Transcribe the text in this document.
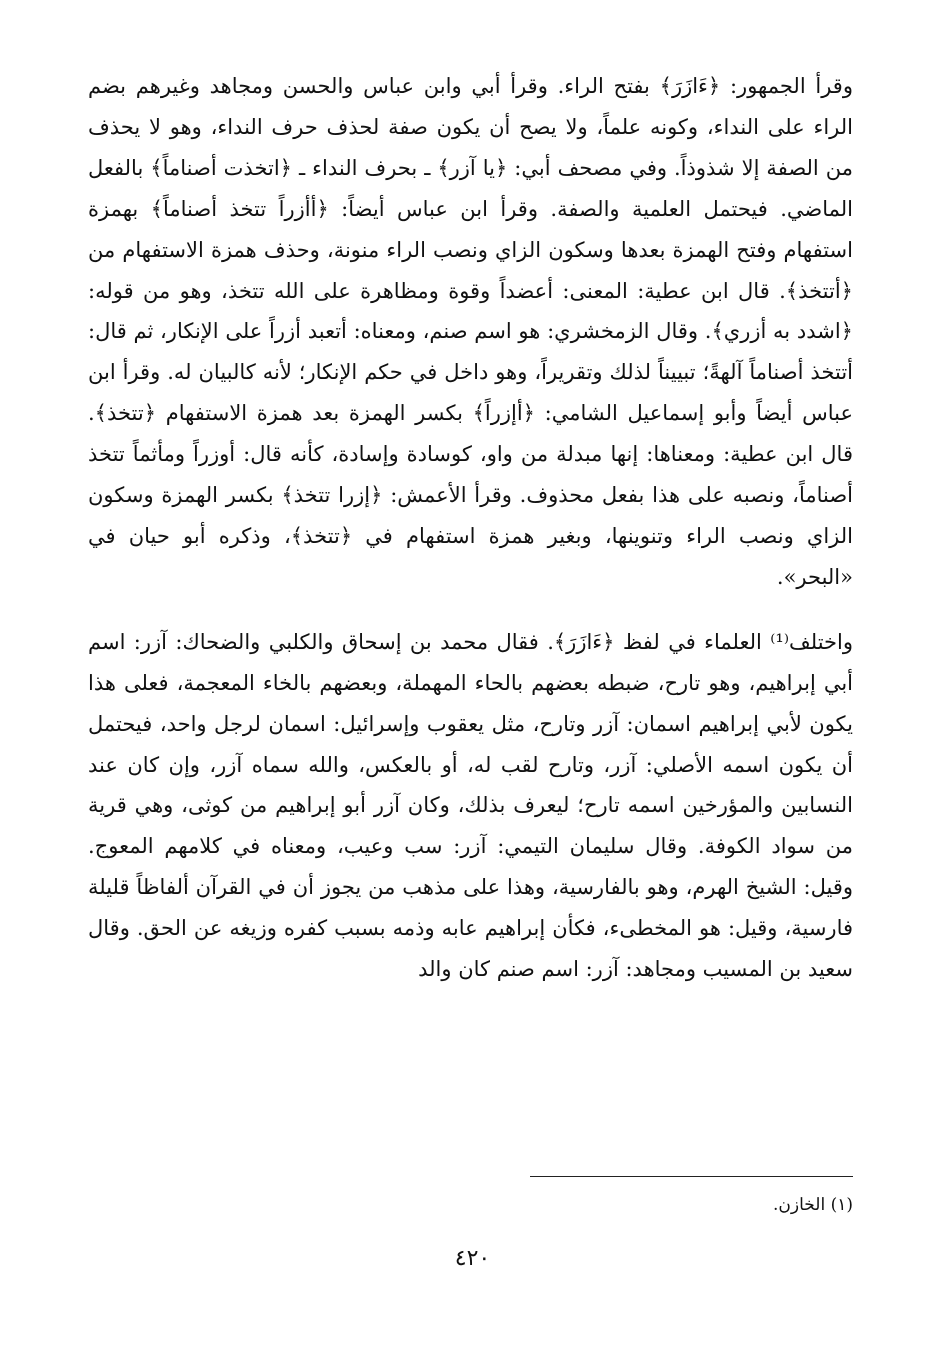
وقرأ الجمهور: ﴿ءَازَرَ﴾ بفتح الراء. وقرأ أبي وابن عباس والحسن ومجاهد وغيرهم بضم الراء على النداء، وكونه علماً، ولا يصح أن يكون صفة لحذف حرف النداء، وهو لا يحذف من الصفة إلا شذوذاً. وفي مصحف أبي: ﴿يا آزر﴾ ـ بحرف النداء ـ ﴿اتخذت أصناماً﴾ بالفعل الماضي. فيحتمل العلمية والصفة. وقرأ ابن عباس أيضاً: ﴿أأزراً تتخذ أصناماً﴾ بهمزة استفهام وفتح الهمزة بعدها وسكون الزاي ونصب الراء منونة، وحذف همزة الاستفهام من ﴿أتتخذ﴾. قال ابن عطية: المعنى: أعضداً وقوة ومظاهرة على الله تتخذ، وهو من قوله: ﴿اشدد به أزري﴾. وقال الزمخشري: هو اسم صنم، ومعناه: أتعبد أزراً على الإنكار، ثم قال: أتتخذ أصناماً آلهةً؛ تبييناً لذلك وتقريراً، وهو داخل في حكم الإنكار؛ لأنه كالبيان له. وقرأ ابن عباس أيضاً وأبو إسماعيل الشامي: ﴿أإزراً﴾ بكسر الهمزة بعد همزة الاستفهام ﴿تتخذ﴾. قال ابن عطية: ومعناها: إنها مبدلة من واو، كوسادة وإسادة، كأنه قال: أوزراً ومأثماً تتخذ أصناماً، ونصبه على هذا بفعل محذوف. وقرأ الأعمش: ﴿إزرا تتخذ﴾ بكسر الهمزة وسكون الزاي ونصب الراء وتنوينها، وبغير همزة استفهام في ﴿تتخذ﴾، وذكره أبو حيان في «البحر».

واختلف⁽¹⁾ العلماء في لفظ ﴿ءَازَرَ﴾. فقال محمد بن إسحاق والكلبي والضحاك: آزر: اسم أبي إبراهيم، وهو تارح، ضبطه بعضهم بالحاء المهملة، وبعضهم بالخاء المعجمة، فعلى هذا يكون لأبي إبراهيم اسمان: آزر وتارح، مثل يعقوب وإسرائيل: اسمان لرجل واحد، فيحتمل أن يكون اسمه الأصلي: آزر، وتارح لقب له، أو بالعكس، والله سماه آزر، وإن كان عند النسابين والمؤرخين اسمه تارح؛ ليعرف بذلك، وكان آزر أبو إبراهيم من كوثى، وهي قرية من سواد الكوفة. وقال سليمان التيمي: آزر: سب وعيب، ومعناه في كلامهم المعوج. وقيل: الشيخ الهرم، وهو بالفارسية، وهذا على مذهب من يجوز أن في القرآن ألفاظاً قليلة فارسية، وقيل: هو المخطىء، فكأن إبراهيم عابه وذمه بسبب كفره وزيغه عن الحق. وقال سعيد بن المسيب ومجاهد: آزر: اسم صنم كان والد

(١) الخازن.
٤٢٠
